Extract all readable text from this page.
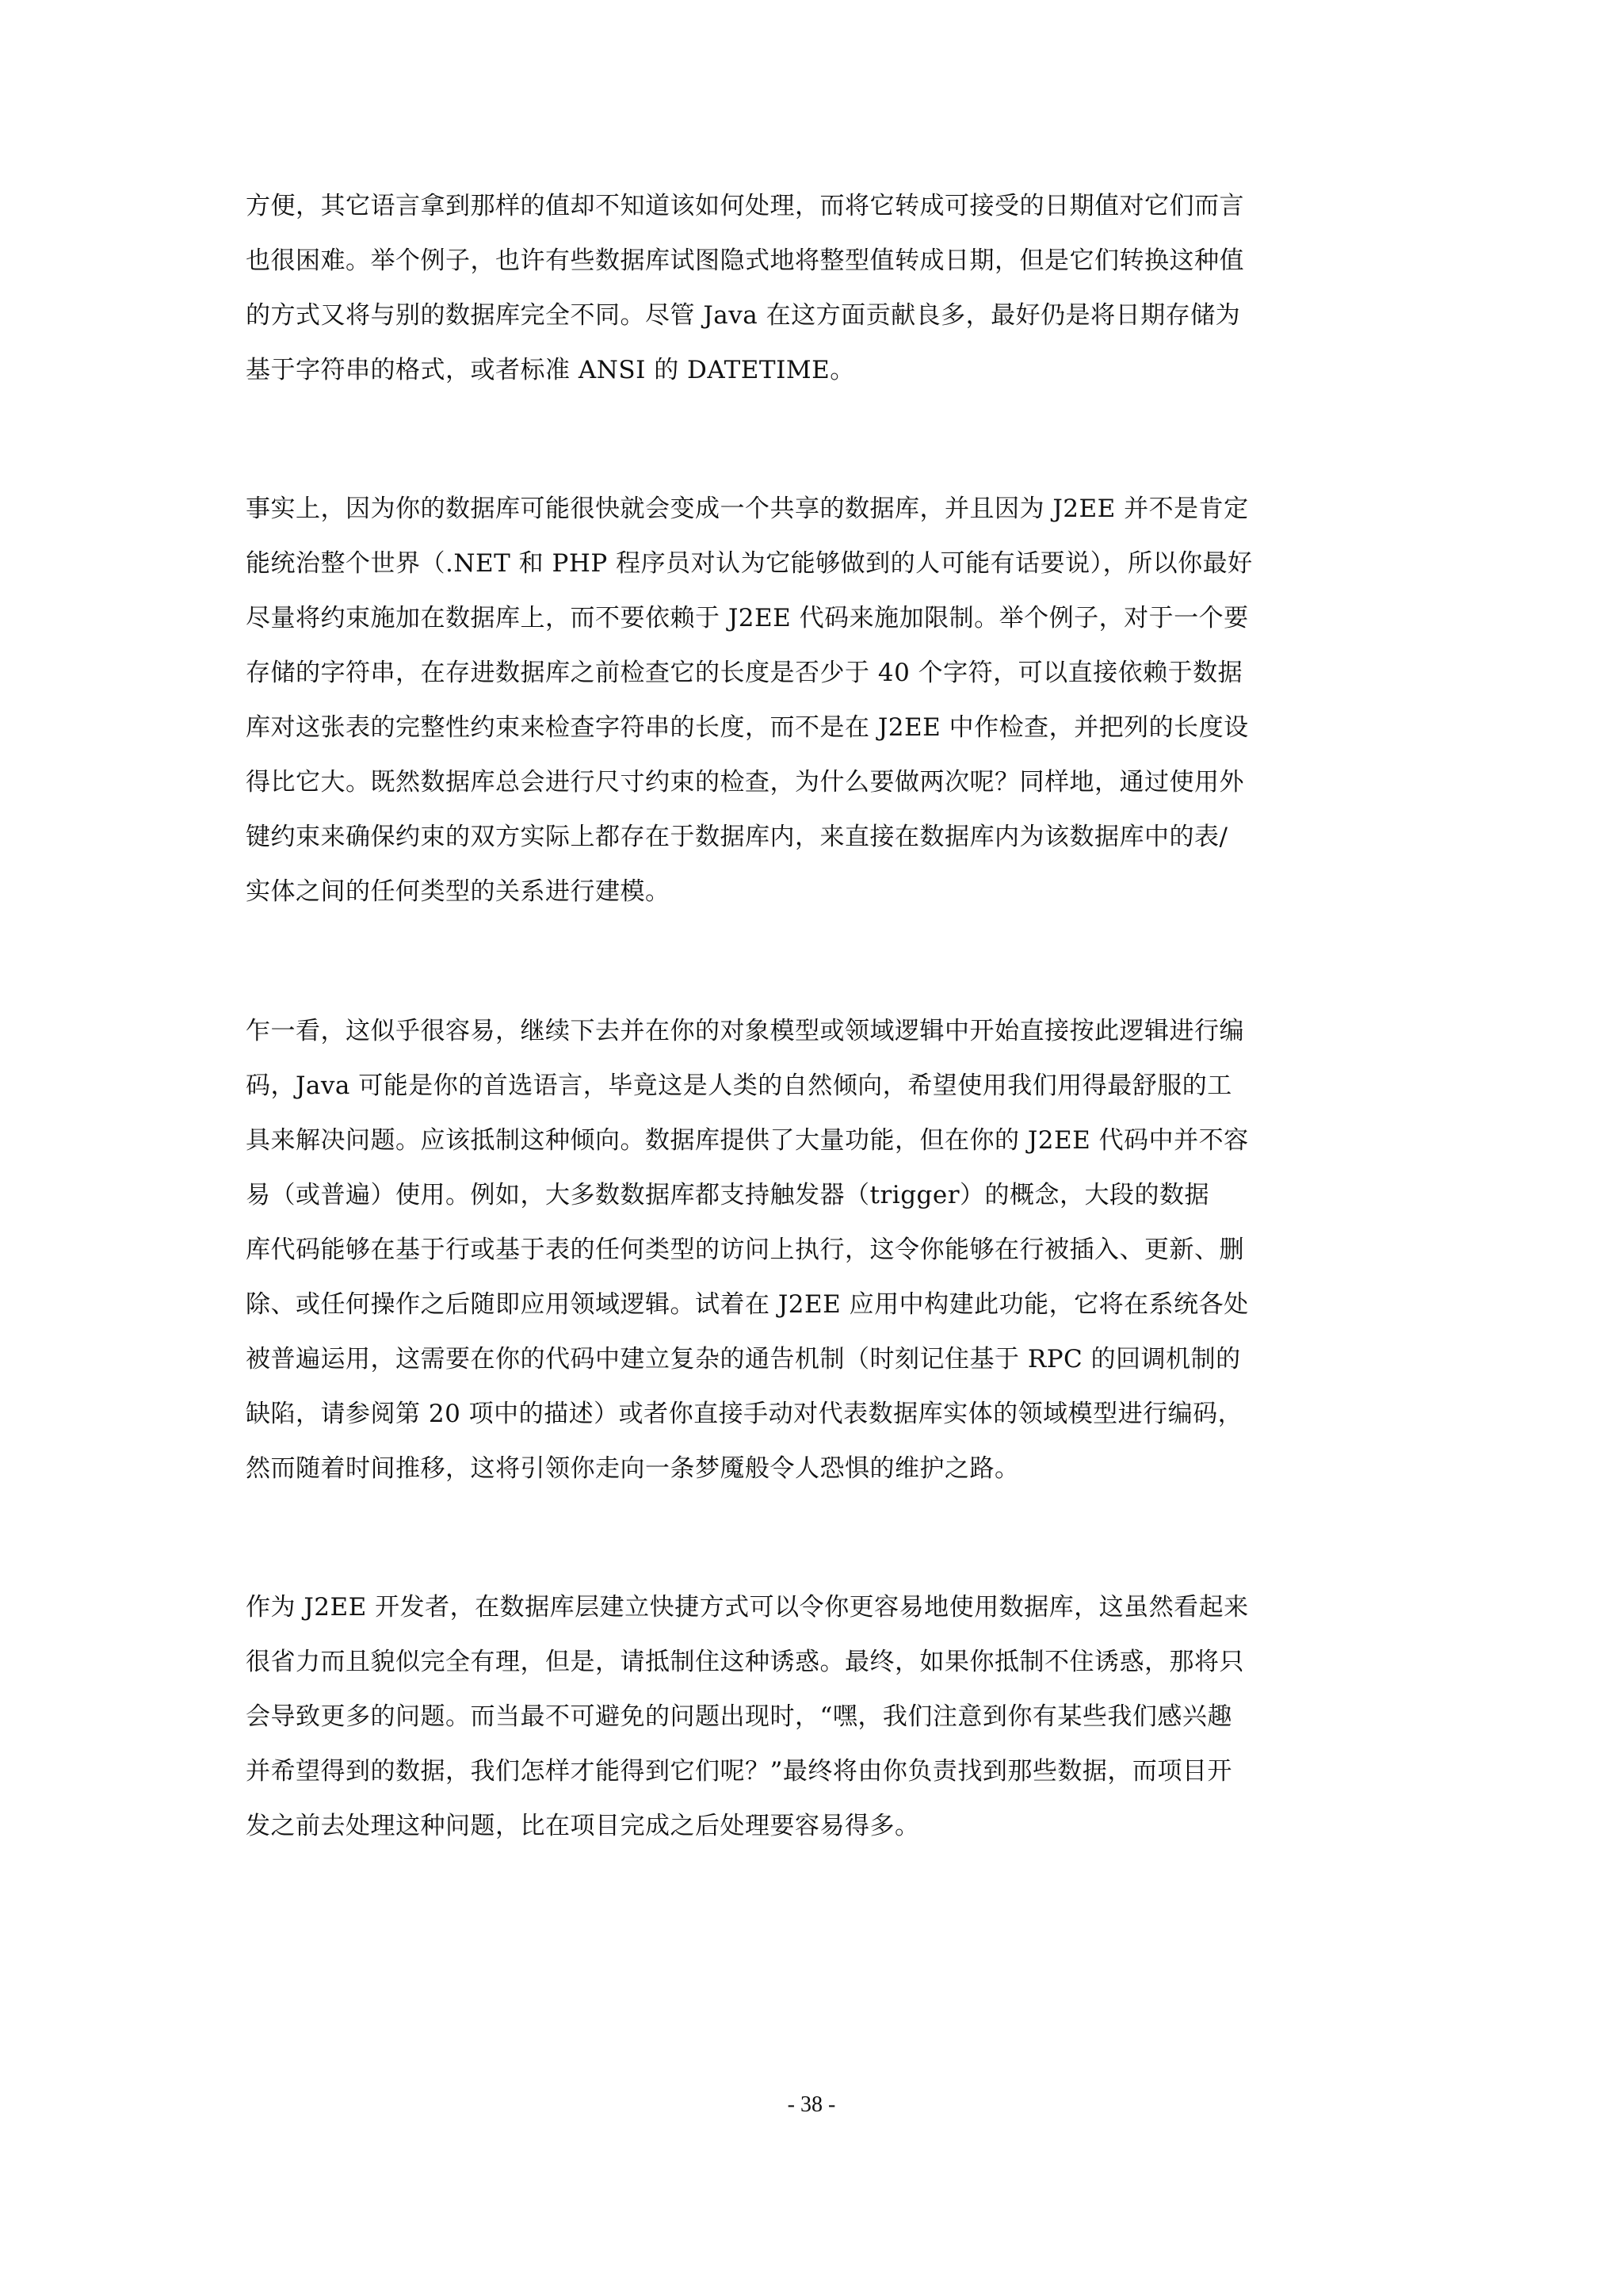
方便，其它语言拿到那样的值却不知道该如何处理，而将它转成可接受的日期值对它们而言
也很困难。举个例子，也许有些数据库试图隐式地将整型值转成日期，但是它们转换这种值
的方式又将与别的数据库完全不同。尽管 Java 在这方面贡献良多，最好仍是将日期存储为
基于字符串的格式，或者标准 ANSI 的 DATETIME。
事实上，因为你的数据库可能很快就会变成一个共享的数据库，并且因为 J2EE 并不是肯定
能统治整个世界（.NET 和 PHP 程序员对认为它能够做到的人可能有话要说），所以你最好
尽量将约束施加在数据库上，而不要依赖于 J2EE 代码来施加限制。举个例子，对于一个要
存储的字符串，在存进数据库之前检查它的长度是否少于 40 个字符，可以直接依赖于数据
库对这张表的完整性约束来检查字符串的长度，而不是在 J2EE 中作检查，并把列的长度设
得比它大。既然数据库总会进行尺寸约束的检查，为什么要做两次呢？同样地，通过使用外
键约束来确保约束的双方实际上都存在于数据库内，来直接在数据库内为该数据库中的表/
实体之间的任何类型的关系进行建模。
乍一看，这似乎很容易，继续下去并在你的对象模型或领域逻辑中开始直接按此逻辑进行编
码，Java 可能是你的首选语言，毕竟这是人类的自然倾向，希望使用我们用得最舒服的工
具来解决问题。应该抵制这种倾向。数据库提供了大量功能，但在你的 J2EE 代码中并不容
易（或普遍）使用。例如，大多数数据库都支持触发器（trigger）的概念，大段的数据
库代码能够在基于行或基于表的任何类型的访问上执行，这令你能够在行被插入、更新、删
除、或任何操作之后随即应用领域逻辑。试着在 J2EE 应用中构建此功能，它将在系统各处
被普遍运用，这需要在你的代码中建立复杂的通告机制（时刻记住基于 RPC 的回调机制的
缺陷，请参阅第 20 项中的描述）或者你直接手动对代表数据库实体的领域模型进行编码，
然而随着时间推移，这将引领你走向一条梦魇般令人恐惧的维护之路。
作为 J2EE 开发者，在数据库层建立快捷方式可以令你更容易地使用数据库，这虽然看起来
很省力而且貌似完全有理，但是，请抵制住这种诱惑。最终，如果你抵制不住诱惑，那将只
会导致更多的问题。而当最不可避免的问题出现时，“嘿，我们注意到你有某些我们感兴趣
并希望得到的数据，我们怎样才能得到它们呢？”最终将由你负责找到那些数据，而项目开
发之前去处理这种问题，比在项目完成之后处理要容易得多。
- 38 -
